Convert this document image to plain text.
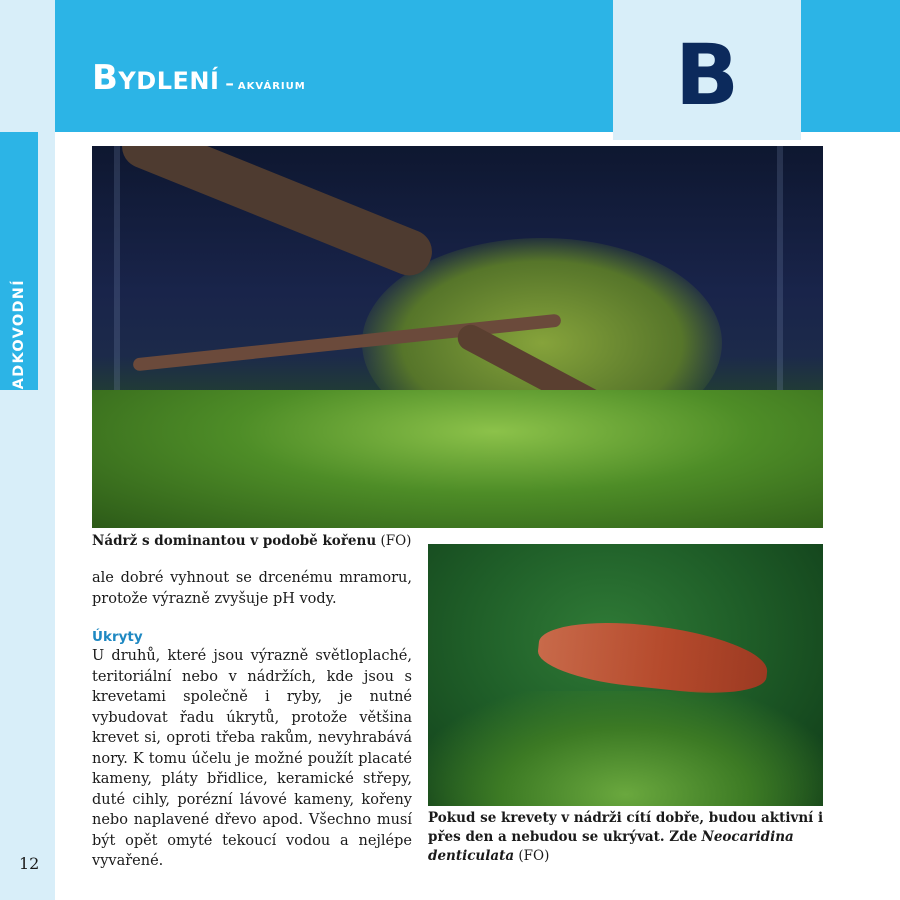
Bydlení – akvárium	B
Nádrž s dominantou v podobě kořenu (FO)

ale dobré vyhnout se drcenému mramoru, protože výrazně zvyšuje pH vody.

Úkryty

U druhů, které jsou výrazně světloplaché, teritoriální nebo v nádržích, kde jsou s krevetami společně i ryby, je nutné vybudovat řadu úkrytů, protože většina krevet si, oproti třeba rakům, nevyhrabává nory. K tomu účelu je možné použít placaté kameny, pláty břidlice, keramické střepy, duté cihly, porézní lávové kameny, kořeny nebo naplavené dřevo apod. Všechno musí být opět omyté tekoucí vodou a nejlépe vyvařené.

Pokud se krevety v nádrži cítí dobře, budou aktivní i přes den a nebudou se ukrývat. Zde Neocaridina denticulata (FO)
12
